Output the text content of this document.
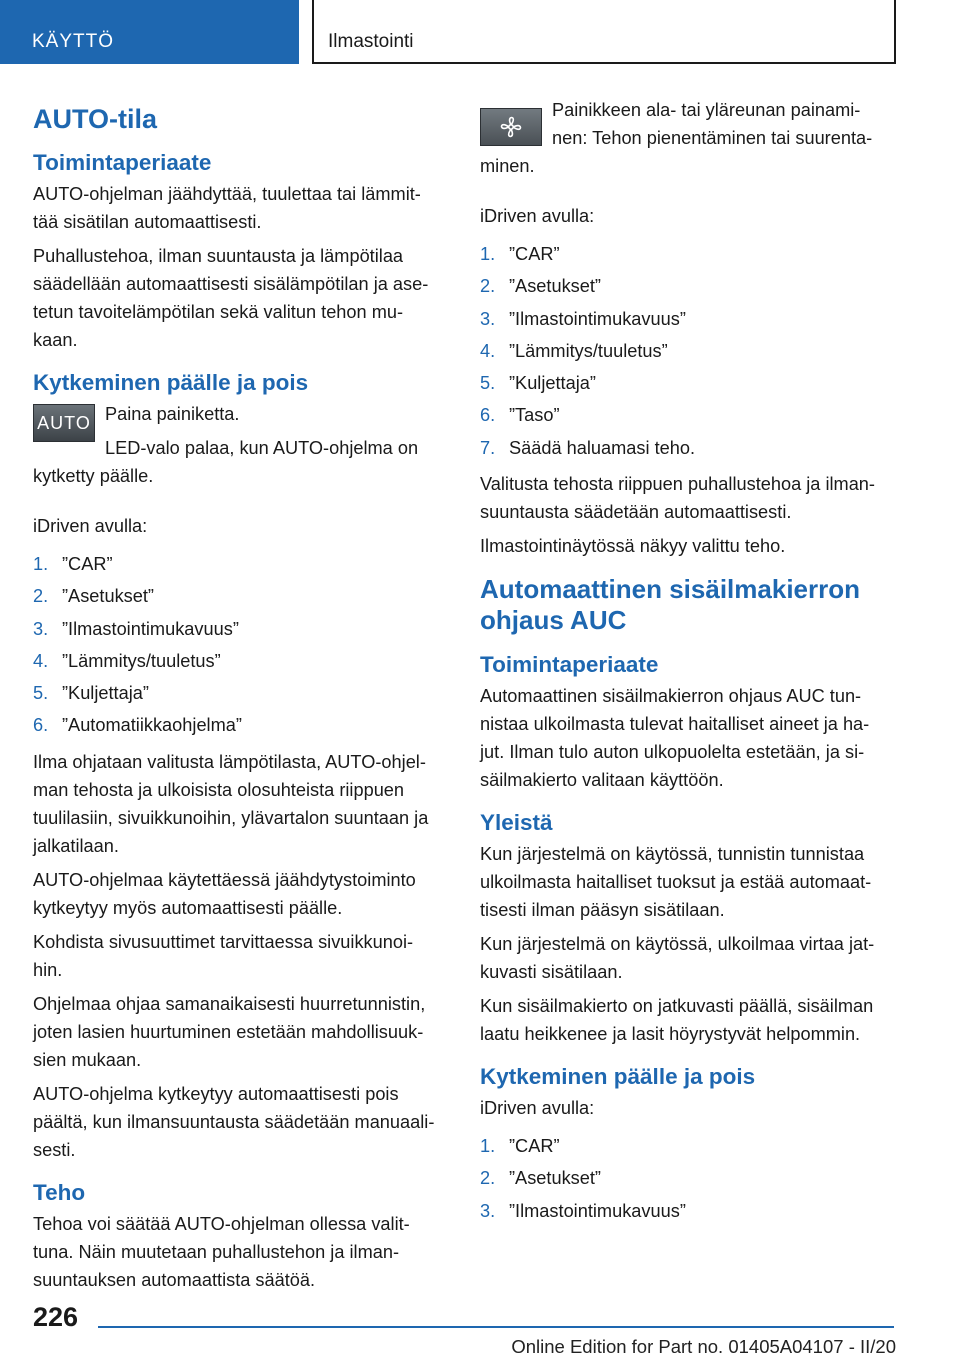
KÄYTTÖ	Ilmastointi
AUTO-tila
Toimintaperiaate

AUTO-ohjelman jäähdyttää, tuulettaa tai lämmit- tää sisätilan automaattisesti.

Puhallustehoa, ilman suuntausta ja lämpötilaa säädellään automaattisesti sisälämpötilan ja ase- tetun tavoitelämpötilan sekä valitun tehon mu- kaan.

Kytkeminen päälle ja pois
AUTO Paina painiketta.

LED-valo palaa, kun AUTO-ohjelma on kytketty päälle.

iDriven avulla:

1. ”CAR”
2. ”Asetukset”
3. ”Ilmastointimukavuus”
4. ”Lämmitys/tuuletus”
5. ”Kuljettaja”
6. ”Automatiikkaohjelma”

Ilma ohjataan valitusta lämpötilasta, AUTO-ohjel- man tehosta ja ulkoisista olosuhteista riippuen tuulilasiin, sivuikkunoihin, ylävartalon suuntaan ja jalkatilaan.

AUTO-ohjelmaa käytettäessä jäähdytystoiminto kytkeytyy myös automaattisesti päälle.

Kohdista sivusuuttimet tarvittaessa sivuikkunoi- hin.

Ohjelmaa ohjaa samanaikaisesti huurretunnistin, joten lasien huurtuminen estetään mahdollisuuk- sien mukaan.

AUTO-ohjelma kytkeytyy automaattisesti pois päältä, kun ilmansuuntausta säädetään manuaali- sesti.

Teho

Tehoa voi säätää AUTO-ohjelman ollessa valit- tuna. Näin muutetaan puhallustehon ja ilman- suuntauksen automaattista säätöä.

Painikkeen ala- tai yläreunan painami- nen: Tehon pienentäminen tai suurenta- minen.

iDriven avulla:

1. ”CAR”
2. ”Asetukset”
3. ”Ilmastointimukavuus”
4. ”Lämmitys/tuuletus”
5. ”Kuljettaja”
6. ”Taso”
7. Säädä haluamasi teho.

Valitusta tehosta riippuen puhallustehoa ja ilman- suuntausta säädetään automaattisesti.

Ilmastointinäytössä näkyy valittu teho.

Automaattinen sisäilmakierron ohjaus AUC
Toimintaperiaate

Automaattinen sisäilmakierron ohjaus AUC tun- nistaa ulkoilmasta tulevat haitalliset aineet ja ha- jut. Ilman tulo auton ulkopuolelta estetään, ja si- säilmakierto valitaan käyttöön.

Yleistä

Kun järjestelmä on käytössä, tunnistin tunnistaa ulkoilmasta haitalliset tuoksut ja estää automaat- tisesti ilman pääsyn sisätilaan.

Kun järjestelmä on käytössä, ulkoilmaa virtaa jat- kuvasti sisätilaan.

Kun sisäilmakierto on jatkuvasti päällä, sisäilman laatu heikkenee ja lasit höyrystyvät helpommin.

Kytkeminen päälle ja pois

iDriven avulla:

1. ”CAR”
2. ”Asetukset”
3. ”Ilmastointimukavuus”
226
Online Edition for Part no. 01405A04107 - II/20
